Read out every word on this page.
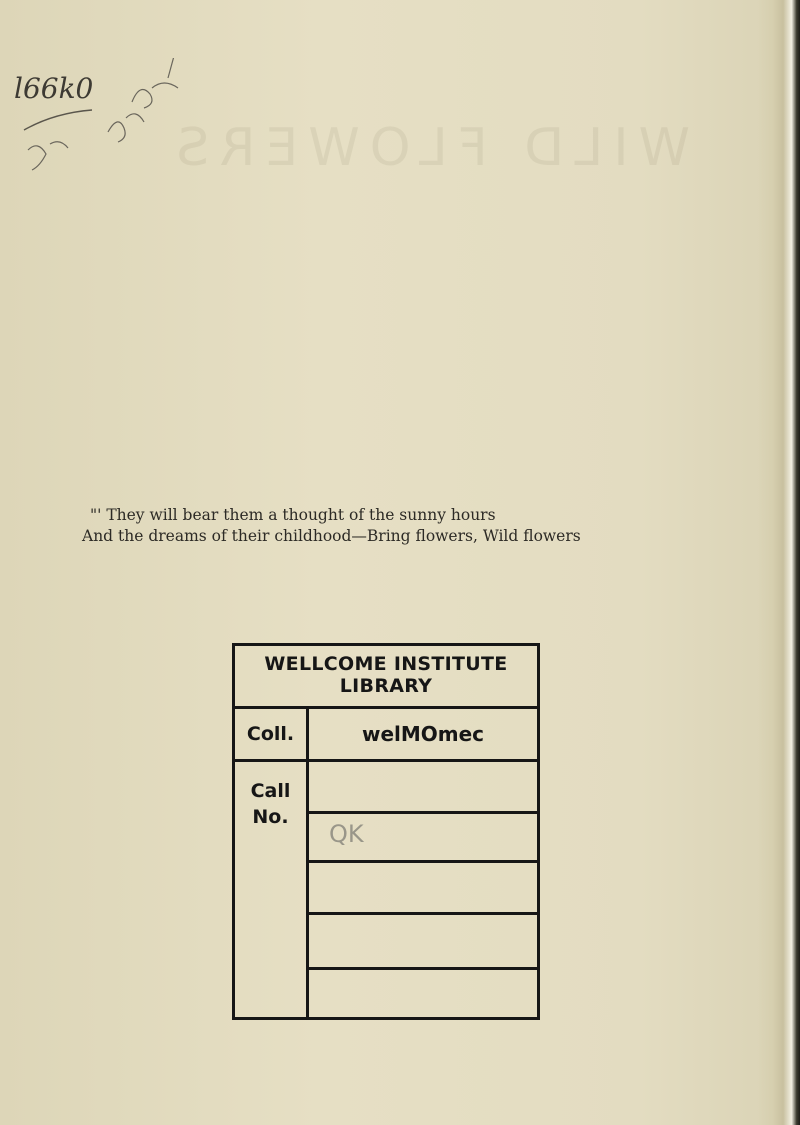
WILD FLOWERS
l66k0
"' They will bear them a thought of the sunny hours
And the dreams of their childhood—Bring flowers, Wild flowers
WELLCOME INSTITUTE
LIBRARY
Coll.	welMOmec
Call
No.
QK
